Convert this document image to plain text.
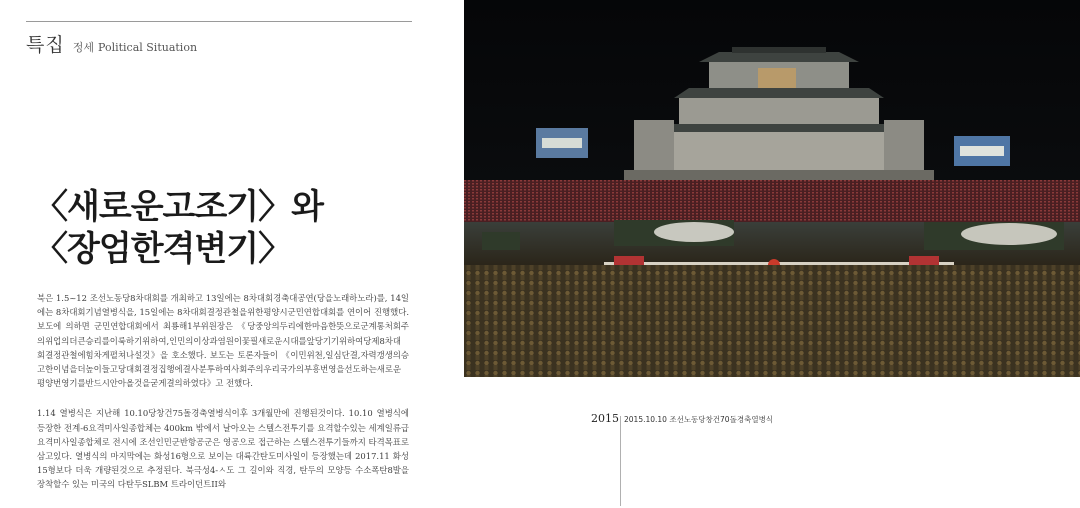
특집 정세 Political Situation
〈새로운고조기〉와
〈장엄한격변기〉

북은 1.5~12 조선노동당8차대회를 개최하고 13일에는 8차대회경축대공연(당을노래하노라)를, 14일에는 8차대회기념열병식을, 15일에는 8차대회결정관철을위한평양시군민연합대회를 연이어 진행했다. 보도에 의하면 군민연합대회에서 최룡해1부위원장은 《당중앙의두리에한마음한뜻으로군계통처회주의위업의더큰승리를이룩하기위하여,인민의이상과염원이꽃필새로운시대를앞당기기위하여당제8차대회결정관철에힘차게펼쳐나설것》을 호소했다. 보도는 토론자들이 《이민위천,일심단결,자력갱생의승고한이념을더높이들고당대회결정집행에결사분투하여사회주의우리국가의부흥번영을선도하는새로운평양번영기를반드시안아올것을굳게결의하였다》고 전했다.

1.14 열병식은 지난해 10.10당창건75돌경축열병식이후 3개월만에 진행된것이다. 10.10 열병식에 등장한 전계-6요격미사일종합체는 400km 밖에서 날아오는 스텔스전투기를 요격할수있는 세계일류급요격미사일종합체로 전시에 조선인민군반항공군은 영공으로 접근하는 스텔스전투기들까지 타격목표로 삼고있다. 열병식의 마지막에는 화성16형으로 보이는 대륙간탄도미사일이 등장했는데 2017.11 화성15형보다 더욱 개량된것으로 추정된다. 북극성4-ㅅ도 그 길이와 직경, 탄두의 모양등 수소폭탄8발을 장착할수 있는 미국의 다탄두SLBM 트라이던트II와

2015 2015.10.10 조선노동당창건70돌경축열병식
